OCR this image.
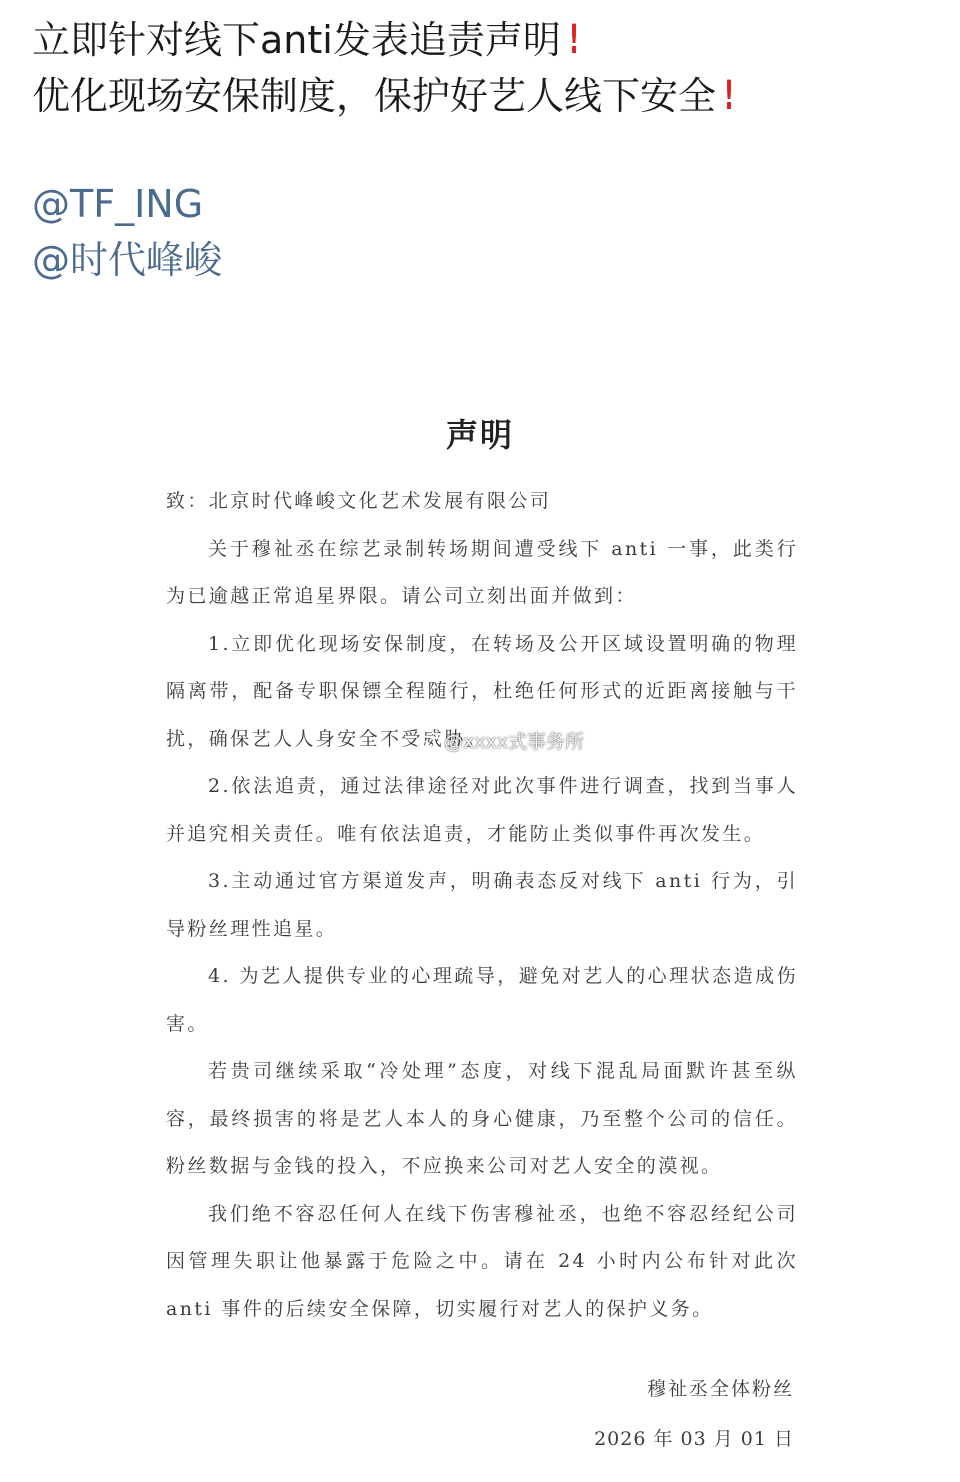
立即针对线下anti发表追责声明 !
优化现场安保制度，保护好艺人线下安全 !
@TF_ING
@时代峰峻
声明

致：北京时代峰峻文化艺术发展有限公司

关于穆祉丞在综艺录制转场期间遭受线下 anti 一事，此类行为已逾越正常追星界限。请公司立刻出面并做到：

1.立即优化现场安保制度，在转场及公开区域设置明确的物理隔离带，配备专职保镖全程随行，杜绝任何形式的近距离接触与干扰，确保艺人人身安全不受威胁。

2.依法追责，通过法律途径对此次事件进行调查，找到当事人并追究相关责任。唯有依法追责，才能防止类似事件再次发生。

3.主动通过官方渠道发声，明确表态反对线下 anti 行为，引导粉丝理性追星。

4. 为艺人提供专业的心理疏导，避免对艺人的心理状态造成伤害。

若贵司继续采取“冷处理”态度，对线下混乱局面默许甚至纵容，最终损害的将是艺人本人的身心健康，乃至整个公司的信任。粉丝数据与金钱的投入，不应换来公司对艺人安全的漠视。

我们绝不容忍任何人在线下伤害穆祉丞，也绝不容忍经纪公司因管理失职让他暴露于危险之中。请在 24 小时内公布针对此次 anti 事件的后续安全保障，切实履行对艺人的保护义务。

穆祉丞全体粉丝
2026 年 03 月 01 日
@xxxx式事务所
